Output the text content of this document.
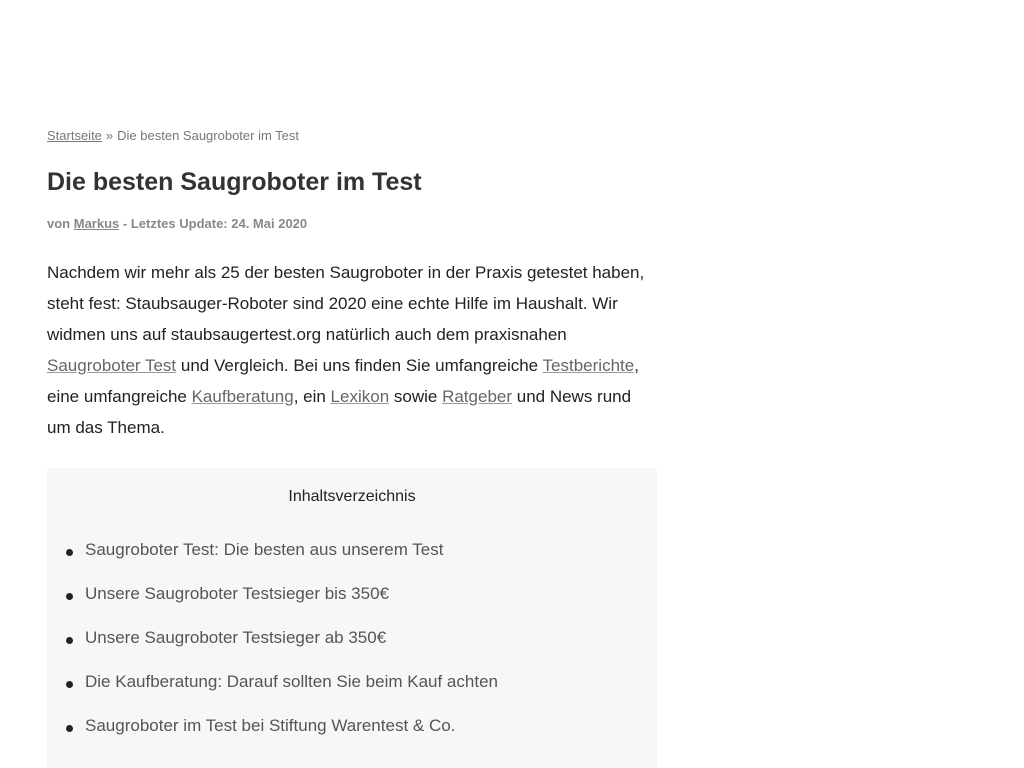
Startseite » Die besten Saugroboter im Test
Die besten Saugroboter im Test
von Markus - Letztes Update: 24. Mai 2020

Nachdem wir mehr als 25 der besten Saugroboter in der Praxis getestet haben, steht fest: Staubsauger-Roboter sind 2020 eine echte Hilfe im Haushalt. Wir widmen uns auf staubsaugertest.org natürlich auch dem praxisnahen Saugroboter Test und Vergleich. Bei uns finden Sie umfangreiche Testberichte, eine umfangreiche Kaufberatung, ein Lexikon sowie Ratgeber und News rund um das Thema.

Inhaltsverzeichnis
Saugroboter Test: Die besten aus unserem Test
Unsere Saugroboter Testsieger bis 350€
Unsere Saugroboter Testsieger ab 350€
Die Kaufberatung: Darauf sollten Sie beim Kauf achten
Saugroboter im Test bei Stiftung Warentest & Co.
